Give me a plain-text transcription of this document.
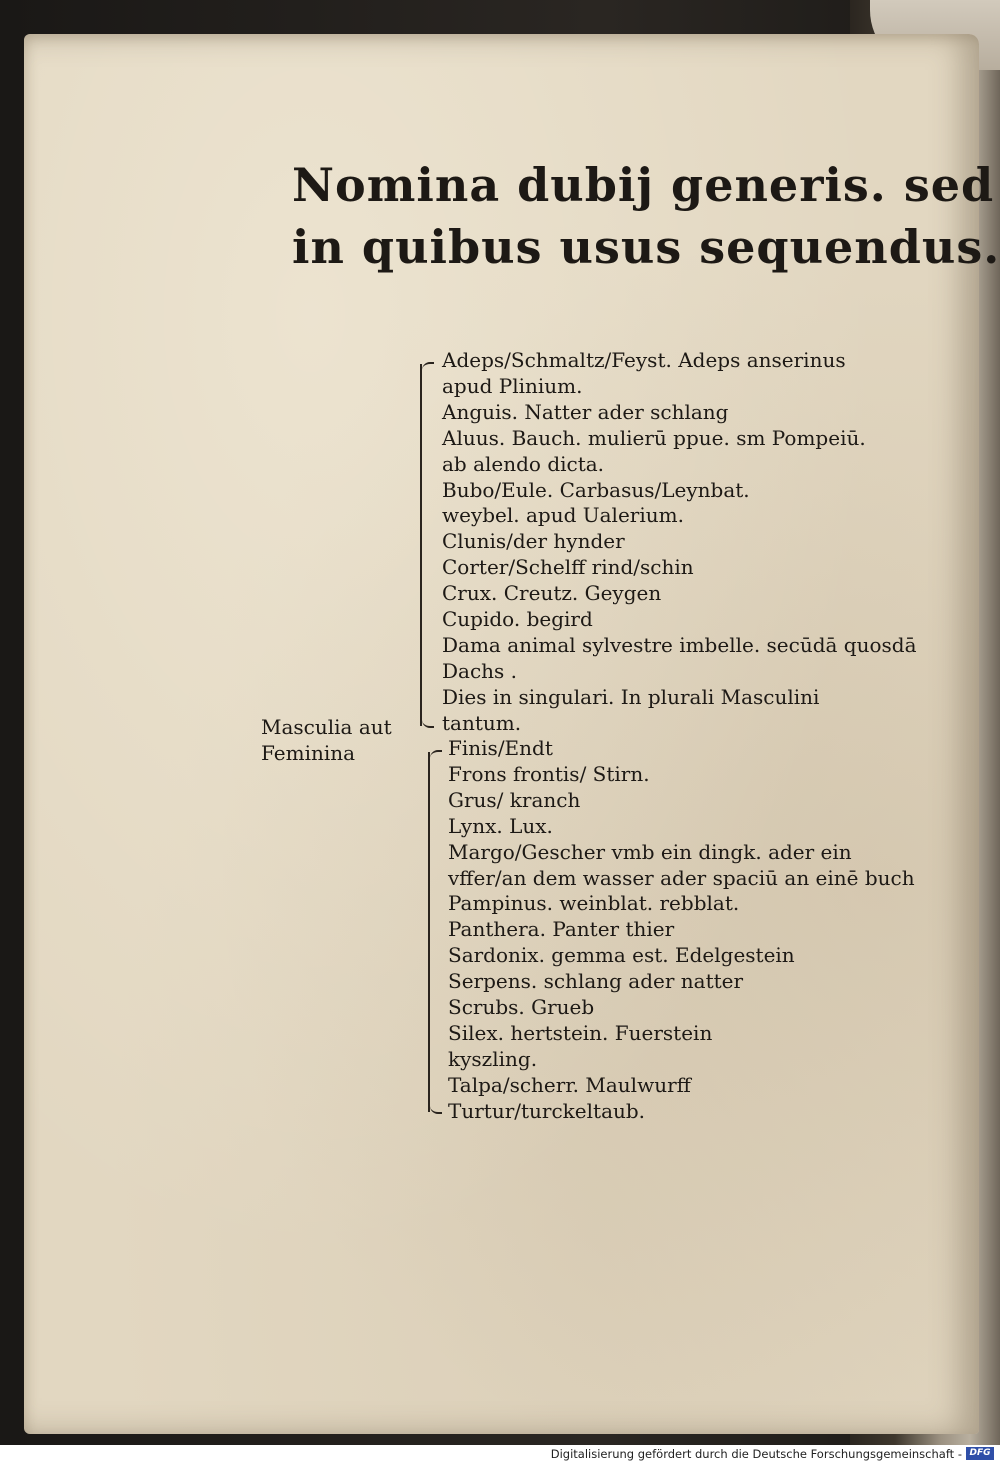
Nomina dubij generis. sed
in quibus usus sequendus.
Masculia aut
Feminina
Adeps/Schmaltz/Feyst. Adeps anserinus
apud Plinium.
Anguis. Natter ader schlang
Aluus. Bauch. mulierū ppue. sm Pompeiū.
ab alendo dicta.
Bubo/Eule. Carbasus/Leynbat.
weybel. apud Ualerium.
Clunis/der hynder
Corter/Schelff rind/schin
Crux. Creutz. Geygen
Cupido. begird
Dama animal sylvestre imbelle. secūdā quosdā
Dachs .
Dies in singulari. In plurali Masculini
tantum.
Finis/Endt
Frons frontis/ Stirn.
Grus/ kranch
Lynx. Lux.
Margo/Gescher vmb ein dingk. ader ein
vffer/an dem wasser ader spaciū an einē buch
Pampinus. weinblat. rebblat.
Panthera. Panter thier
Sardonix. gemma est. Edelgestein
Serpens. schlang ader natter
Scrubs. Grueb
Silex. hertstein. Fuerstein
kyszling.
Talpa/scherr. Maulwurff
Turtur/turckeltaub.
Digitalisierung gefördert durch die Deutsche Forschungsgemeinschaft - DFG
